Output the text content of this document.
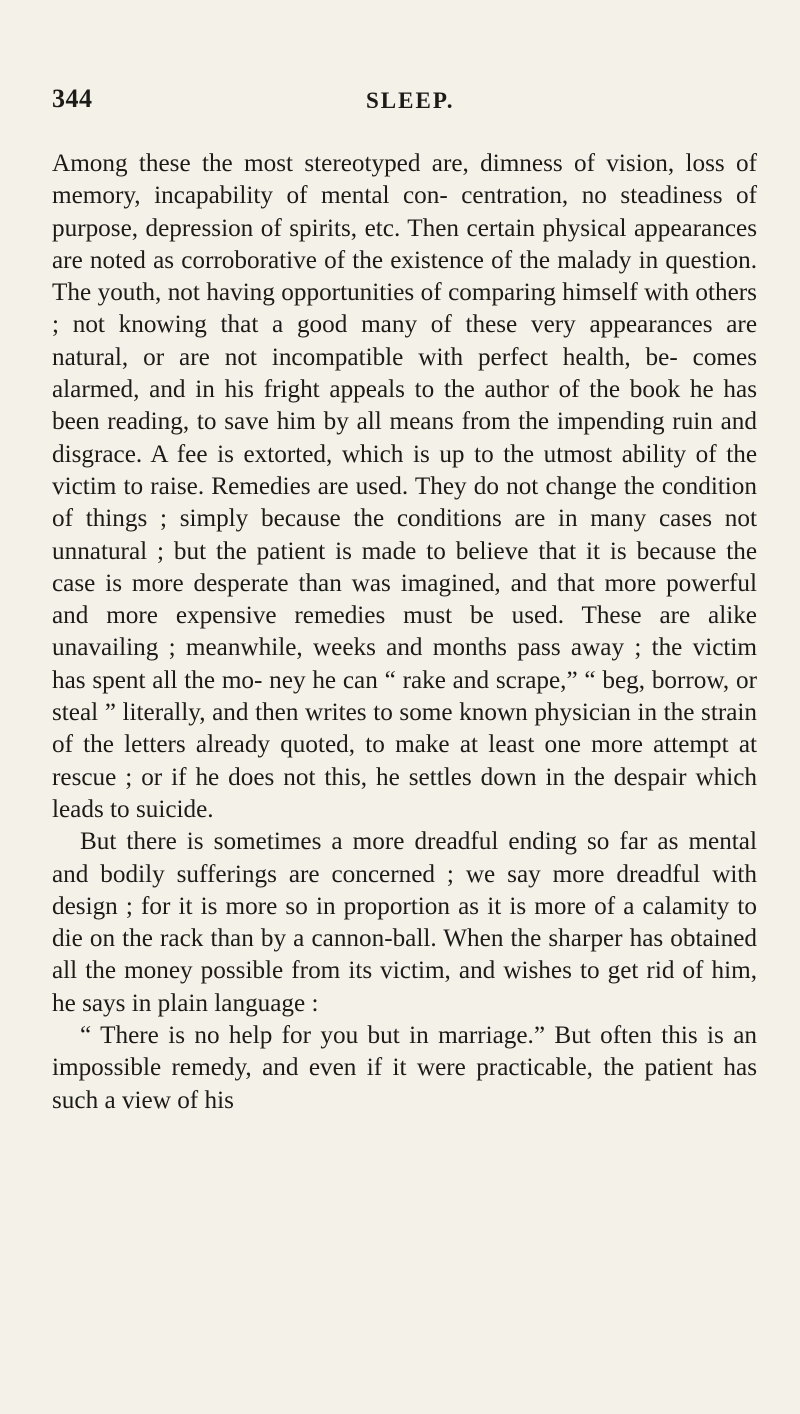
344	SLEEP.

Among these the most stereotyped are, dimness of vision, loss of memory, incapability of mental con- centration, no steadiness of purpose, depression of spirits, etc. Then certain physical appearances are noted as corroborative of the existence of the malady in question. The youth, not having opportunities of comparing himself with others ; not knowing that a good many of these very appearances are natural, or are not incompatible with perfect health, be- comes alarmed, and in his fright appeals to the author of the book he has been reading, to save him by all means from the impending ruin and disgrace. A fee is extorted, which is up to the utmost ability of the victim to raise. Remedies are used. They do not change the condition of things ; simply because the conditions are in many cases not unnatural ; but the patient is made to believe that it is because the case is more desperate than was imagined, and that more powerful and more expensive remedies must be used. These are alike unavailing ; meanwhile, weeks and months pass away ; the victim has spent all the mo- ney he can “ rake and scrape,” “ beg, borrow, or steal ” literally, and then writes to some known physician in the strain of the letters already quoted, to make at least one more attempt at rescue ; or if he does not this, he settles down in the despair which leads to suicide.

But there is sometimes a more dreadful ending so far as mental and bodily sufferings are concerned ; we say more dreadful with design ; for it is more so in proportion as it is more of a calamity to die on the rack than by a cannon-ball. When the sharper has obtained all the money possible from its victim, and wishes to get rid of him, he says in plain language :

“ There is no help for you but in marriage.” But often this is an impossible remedy, and even if it were practicable, the patient has such a view of his
